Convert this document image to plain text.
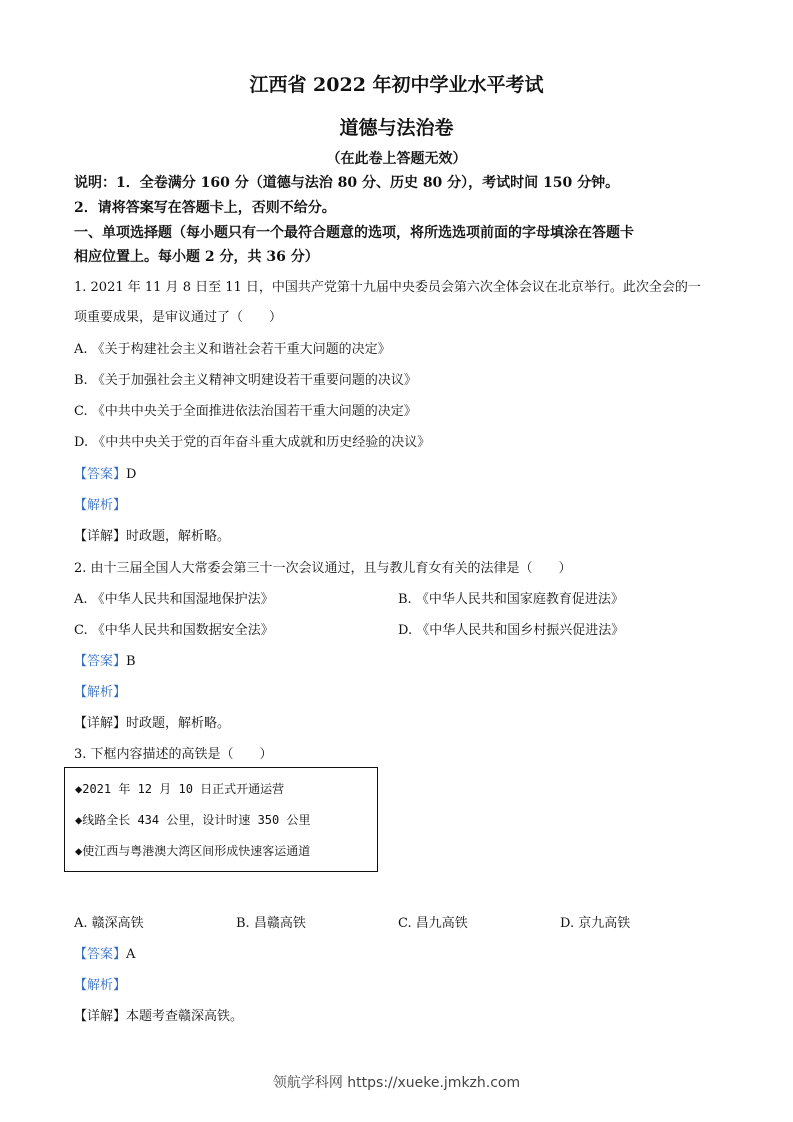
江西省 2022 年初中学业水平考试
道德与法治卷
（在此卷上答题无效）
说明：1．全卷满分 160 分（道德与法治 80 分、历史 80 分），考试时间 150 分钟。
2．请将答案写在答题卡上，否则不给分。
一、单项选择题（每小题只有一个最符合题意的选项，将所选选项前面的字母填涂在答题卡
相应位置上。每小题 2 分，共 36 分）
1. 2021 年 11 月 8 日至 11 日，中国共产党第十九届中央委员会第六次全体会议在北京举行。此次全会的一
项重要成果，是审议通过了（　　）
A. 《关于构建社会主义和谐社会若干重大问题的决定》
B. 《关于加强社会主义精神文明建设若干重要问题的决议》
C. 《中共中央关于全面推进依法治国若干重大问题的决定》
D. 《中共中央关于党的百年奋斗重大成就和历史经验的决议》
【答案】D
【解析】
【详解】时政题，解析略。
2. 由十三届全国人大常委会第三十一次会议通过，且与教儿育女有关的法律是（　　）
A. 《中华人民共和国湿地保护法》	B. 《中华人民共和国家庭教育促进法》
C. 《中华人民共和国数据安全法》	D. 《中华人民共和国乡村振兴促进法》
【答案】B
【解析】
【详解】时政题，解析略。
3. 下框内容描述的高铁是（　　）
◆2021 年 12 月 10 日正式开通运营
◆线路全长 434 公里，设计时速 350 公里
◆使江西与粤港澳大湾区间形成快速客运通道
A. 赣深高铁	B. 昌赣高铁	C. 昌九高铁	D. 京九高铁
【答案】A
【解析】
【详解】本题考查赣深高铁。
领航学科网 https://xueke.jmkzh.com
